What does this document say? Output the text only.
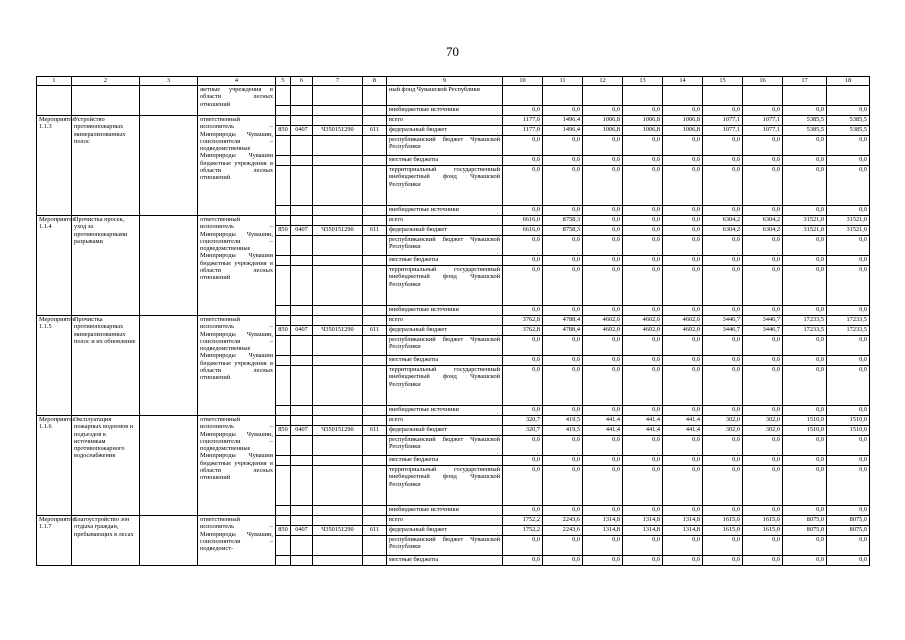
70
1	2	3	4	5	6	7	8	9	10	11	12	13	14	15	16	17	18
			жетные учреждения в области лесных отношений					ный фонд Чувашской Республики									
								внебюджетные источники	0,0	0,0	0,0	0,0	0,0	0,0	0,0	0,0	0,0
Мероприятие 1.1.3	Устройство противопожарных минерализованных полос		ответственный исполнитель – Минприроды Чувашии, соисполнители – подведомственные Минприроды Чувашии бюджетные учреждения в области лесных отношений					всего	1177,0	1496,4	1006,8	1006,8	1006,8	1077,1	1077,1	5385,5	5385,5
				850	0407	Ч350151290	611	федеральный бюджет	1177,0	1496,4	1006,8	1006,8	1006,8	1077,1	1077,1	5385,5	5385,5
								республиканский бюджет Чувашской Республики	0,0	0,0	0,0	0,0	0,0	0,0	0,0	0,0	0,0
								местные бюджеты	0,0	0,0	0,0	0,0	0,0	0,0	0,0	0,0	0,0
								территориальный государственный внебюджетный фонд Чувашской Республики	0,0	0,0	0,0	0,0	0,0	0,0	0,0	0,0	0,0
								внебюджетные источники	0,0	0,0	0,0	0,0	0,0	0,0	0,0	0,0	0,0
Мероприятие 1.1.4	Прочистка просек, уход за противопожарными разрывами		ответственный исполнитель – Минприроды Чувашии, соисполнители – подведомственные Минприроды Чувашии бюджетные учреждения в области лесных отношений					всего	6616,0	8758,3	0,0	0,0	0,0	6304,2	6304,2	31521,0	31521,0
				850	0407	Ч350151290	611	федеральный бюджет	6616,0	8758,3	0,0	0,0	0,0	6304,2	6304,2	31521,0	31521,0
								республиканский бюджет Чувашской Республики	0,0	0,0	0,0	0,0	0,0	0,0	0,0	0,0	0,0
								местные бюджеты	0,0	0,0	0,0	0,0	0,0	0,0	0,0	0,0	0,0
								территориальный государственный внебюджетный фонд Чувашской Республики	0,0	0,0	0,0	0,0	0,0	0,0	0,0	0,0	0,0
								внебюджетные источники	0,0	0,0	0,0	0,0	0,0	0,0	0,0	0,0	0,0
Мероприятие 1.1.5	Прочистка противопожарных минерализованных полос и их обновление		ответственный исполнитель – Минприроды Чувашии, соисполнители – подведомственные Минприроды Чувашии бюджетные учреждения в области лесных отношений					всего	3762,8	4788,4	4602,0	4602,0	4602,0	3446,7	3446,7	17233,5	17233,5
				850	0407	Ч350151290	611	федеральный бюджет	3762,8	4788,4	4602,0	4602,0	4602,0	3446,7	3446,7	17233,5	17233,5
								республиканский бюджет Чувашской Республики	0,0	0,0	0,0	0,0	0,0	0,0	0,0	0,0	0,0
								местные бюджеты	0,0	0,0	0,0	0,0	0,0	0,0	0,0	0,0	0,0
								территориальный государственный внебюджетный фонд Чувашской Республики	0,0	0,0	0,0	0,0	0,0	0,0	0,0	0,0	0,0
								внебюджетные источники	0,0	0,0	0,0	0,0	0,0	0,0	0,0	0,0	0,0
Мероприятие 1.1.6	Эксплуатация пожарных водоемов и подъездов к источникам противопожарного водоснабжения		ответственный исполнитель – Минприроды Чувашии, соисполнители – подведомственные Минприроды Чувашии бюджетные учреждения в области лесных отношений					всего	320,7	419,5	441,4	441,4	441,4	302,0	302,0	1510,0	1510,0
				850	0407	Ч350151290	611	федеральный бюджет	320,7	419,5	441,4	441,4	441,4	302,0	302,0	1510,0	1510,0
								республиканский бюджет Чувашской Республики	0,0	0,0	0,0	0,0	0,0	0,0	0,0	0,0	0,0
								местные бюджеты	0,0	0,0	0,0	0,0	0,0	0,0	0,0	0,0	0,0
								территориальный государственный внебюджетный фонд Чувашской Республики	0,0	0,0	0,0	0,0	0,0	0,0	0,0	0,0	0,0
								внебюджетные источники	0,0	0,0	0,0	0,0	0,0	0,0	0,0	0,0	0,0
Мероприятие 1.1.7	Благоустройство зон отдыха граждан, пребывающих в лесах		ответственный исполнитель – Минприроды Чувашии, соисполнители – подведомст-					всего	1752,2	2243,6	1314,8	1314,8	1314,8	1615,0	1615,0	8075,0	8075,0
				850	0407	Ч350151290	611	федеральный бюджет	1752,2	2243,6	1314,8	1314,8	1314,8	1615,0	1615,0	8075,0	8075,0
								республиканский бюджет Чувашской Республики	0,0	0,0	0,0	0,0	0,0	0,0	0,0	0,0	0,0
								местные бюджеты	0,0	0,0	0,0	0,0	0,0	0,0	0,0	0,0	0,0
